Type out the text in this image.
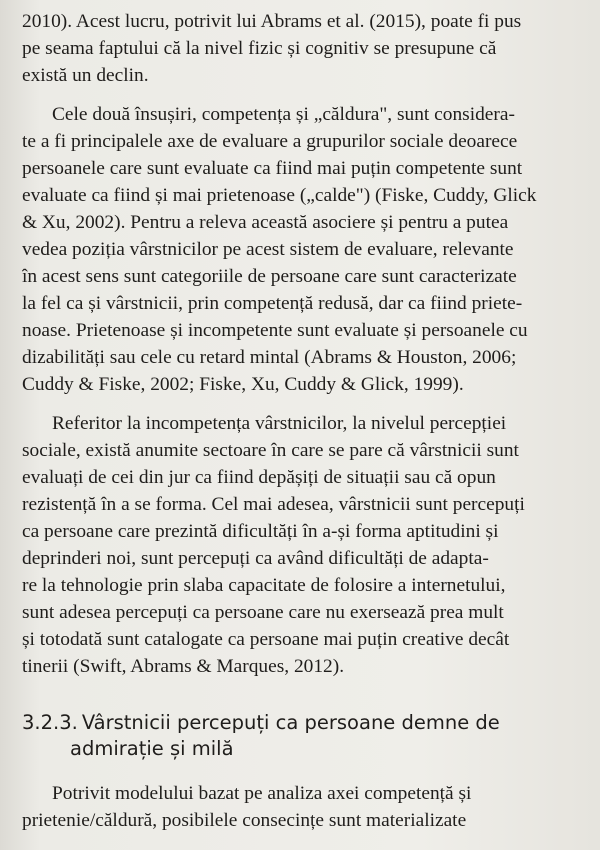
2010). Acest lucru, potrivit lui Abrams et al. (2015), poate fi pus
pe seama faptului că la nivel fizic și cognitiv se presupune că
există un declin.

Cele două însușiri, competența și „căldura", sunt considera-
te a fi principalele axe de evaluare a grupurilor sociale deoarece
persoanele care sunt evaluate ca fiind mai puțin competente sunt
evaluate ca fiind și mai prietenoase („calde") (Fiske, Cuddy, Glick
& Xu, 2002). Pentru a releva această asociere și pentru a putea
vedea poziția vârstnicilor pe acest sistem de evaluare, relevante
în acest sens sunt categoriile de persoane care sunt caracterizate
la fel ca și vârstnicii, prin competență redusă, dar ca fiind priete-
noase. Prietenoase și incompetente sunt evaluate și persoanele cu
dizabilități sau cele cu retard mintal (Abrams & Houston, 2006;
Cuddy & Fiske, 2002; Fiske, Xu, Cuddy & Glick, 1999).

Referitor la incompetența vârstnicilor, la nivelul percepției
sociale, există anumite sectoare în care se pare că vârstnicii sunt
evaluați de cei din jur ca fiind depășiți de situații sau că opun
rezistență în a se forma. Cel mai adesea, vârstnicii sunt percepuți
ca persoane care prezintă dificultăți în a-și forma aptitudini și
deprinderi noi, sunt percepuți ca având dificultăți de adapta-
re la tehnologie prin slaba capacitate de folosire a internetului,
sunt adesea percepuți ca persoane care nu exersează prea mult
și totodată sunt catalogate ca persoane mai puțin creative decât
tinerii (Swift, Abrams & Marques, 2012).

3.2.3. Vârstnicii percepuți ca persoane demne de
admirație și milă

Potrivit modelului bazat pe analiza axei competență și
prietenie/căldură, posibilele consecințe sunt materializate
